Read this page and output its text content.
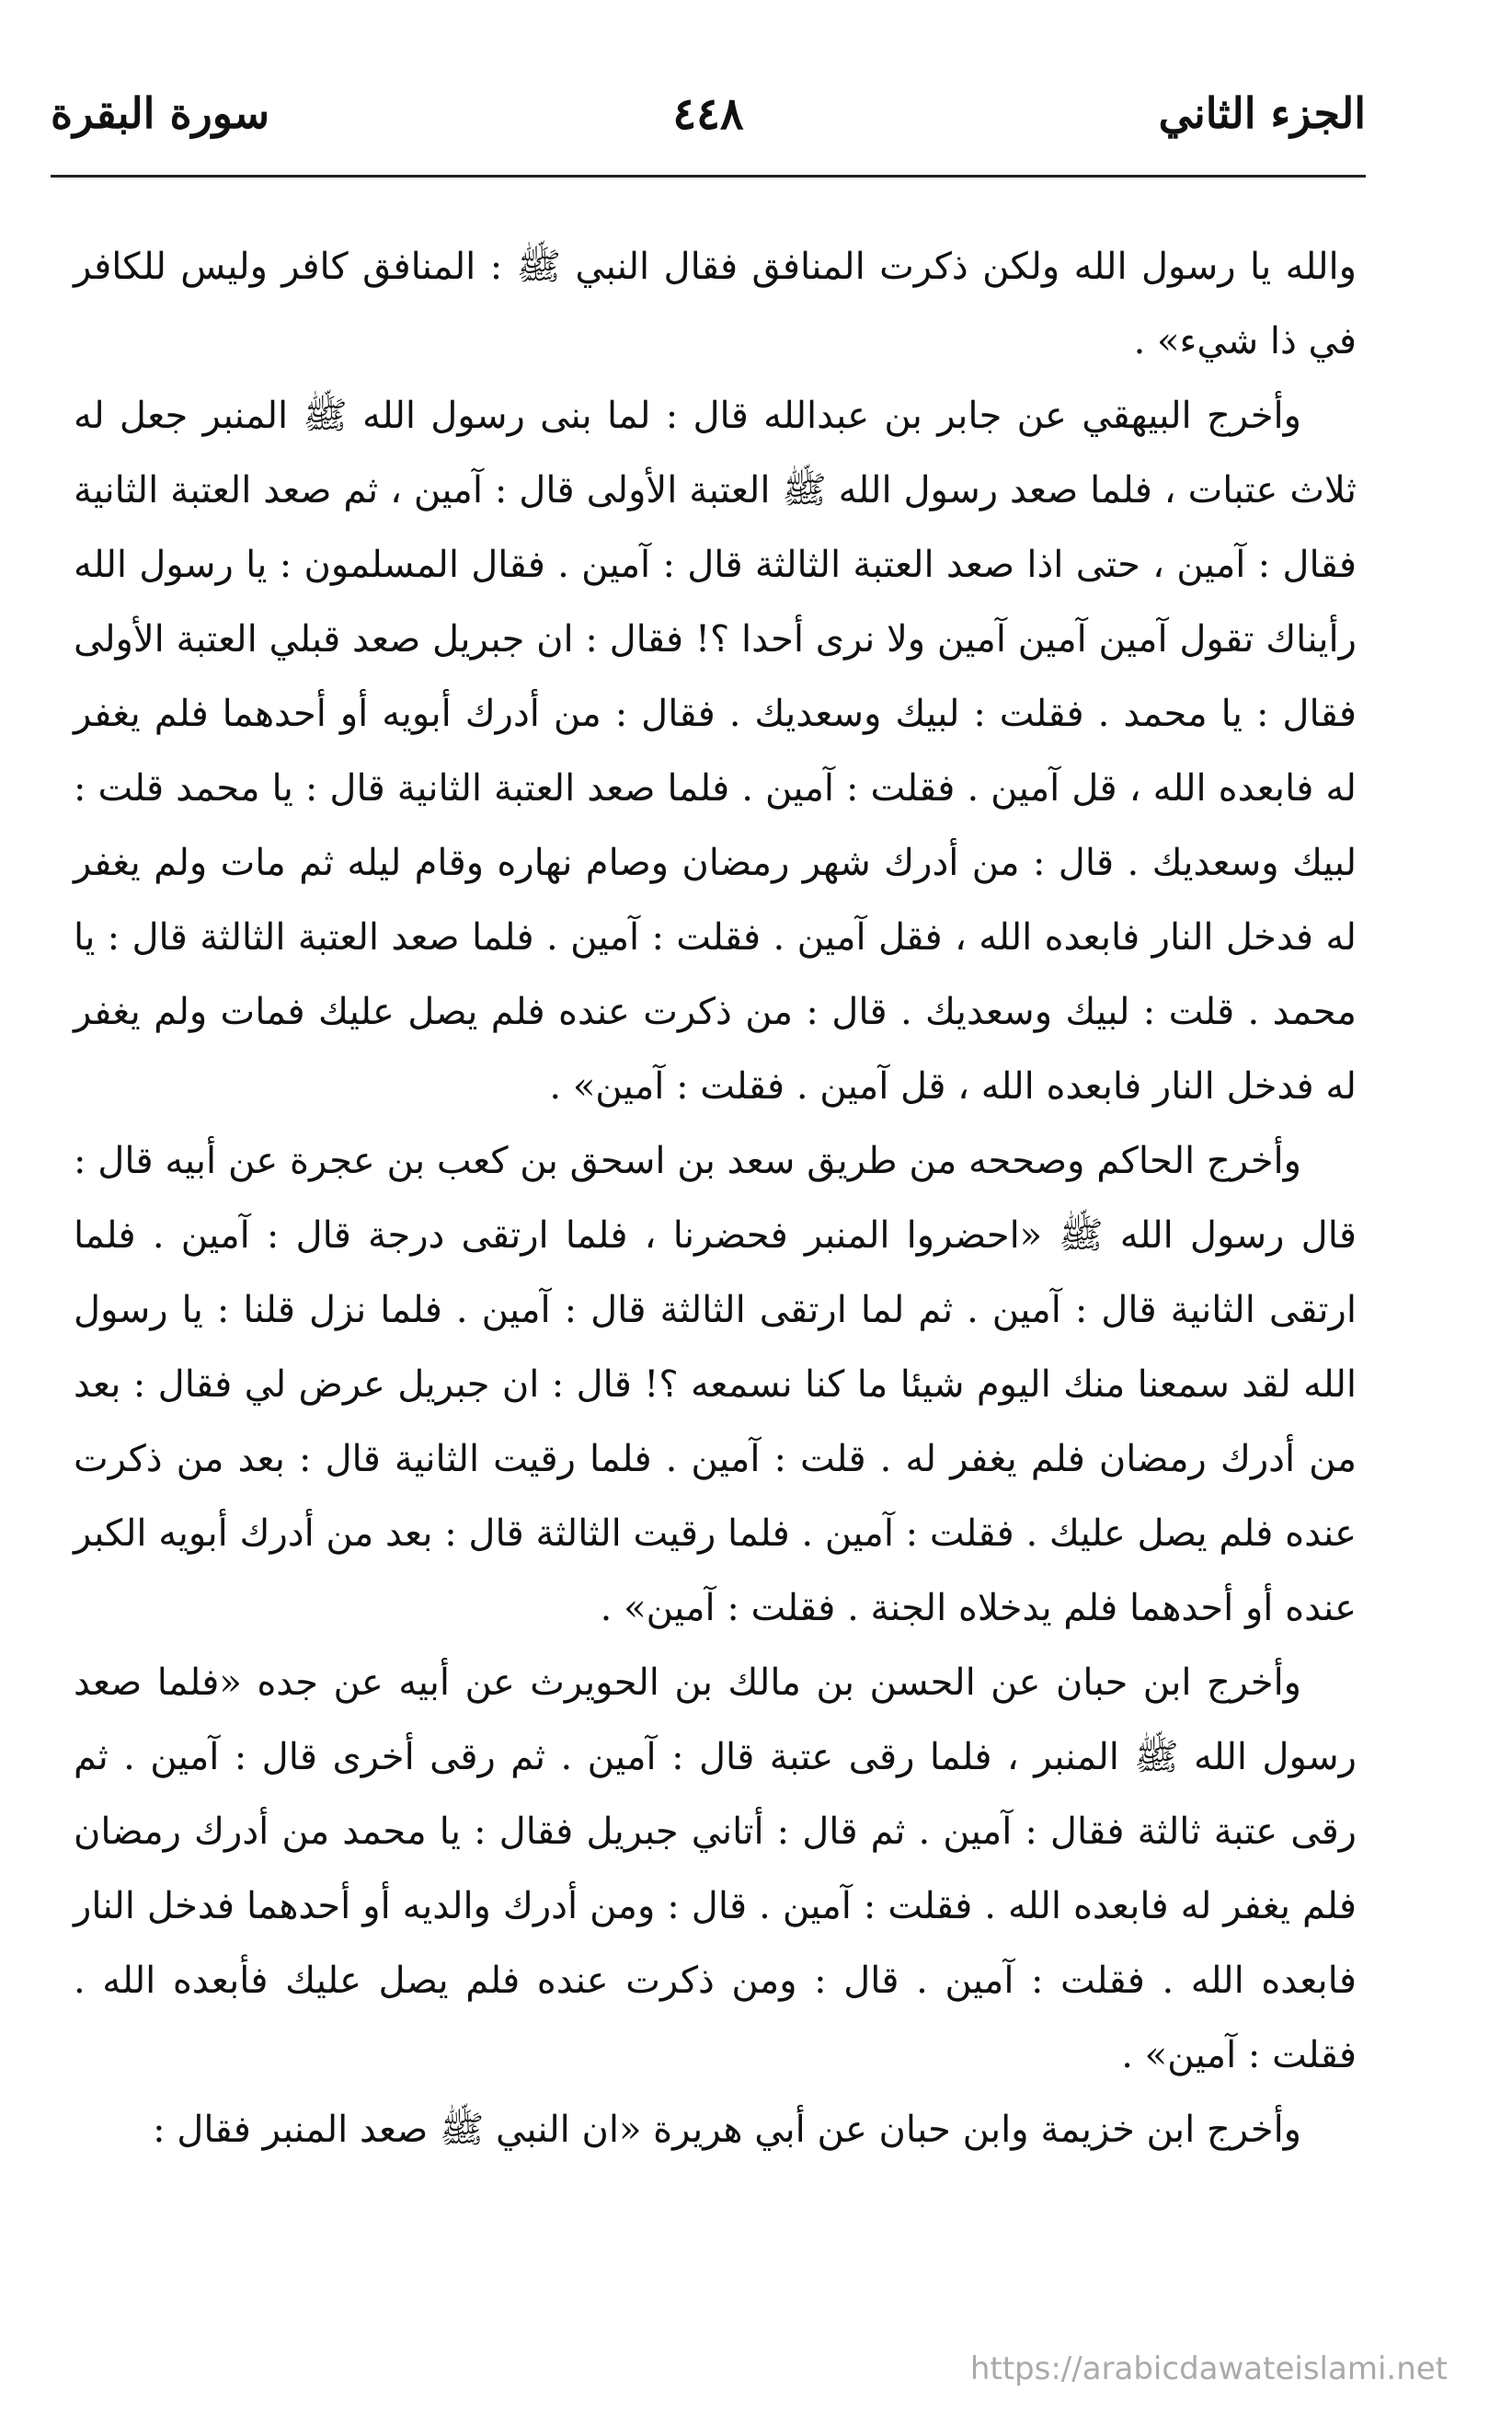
الجزء الثاني
٤٤٨
سورة البقرة

والله يا رسول الله ولكن ذكرت المنافق فقال النبي ﷺ : المنافق كافر وليس للكافر في ذا شيء» .

وأخرج البيهقي عن جابر بن عبدالله قال : لما بنى رسول الله ﷺ المنبر جعل له ثلاث عتبات ، فلما صعد رسول الله ﷺ العتبة الأولى قال : آمين ، ثم صعد العتبة الثانية فقال : آمين ، حتى اذا صعد العتبة الثالثة قال : آمين . فقال المسلمون : يا رسول الله رأيناك تقول آمين آمين آمين ولا نرى أحدا ؟! فقال : ان جبريل صعد قبلي العتبة الأولى فقال : يا محمد . فقلت : لبيك وسعديك . فقال : من أدرك أبويه أو أحدهما فلم يغفر له فابعده الله ، قل آمين . فقلت : آمين . فلما صعد العتبة الثانية قال : يا محمد قلت : لبيك وسعديك . قال : من أدرك شهر رمضان وصام نهاره وقام ليله ثم مات ولم يغفر له فدخل النار فابعده الله ، فقل آمين . فقلت : آمين . فلما صعد العتبة الثالثة قال : يا محمد . قلت : لبيك وسعديك . قال : من ذكرت عنده فلم يصل عليك فمات ولم يغفر له فدخل النار فابعده الله ، قل آمين . فقلت : آمين» .

وأخرج الحاكم وصححه من طريق سعد بن اسحق بن كعب بن عجرة عن أبيه قال : قال رسول الله ﷺ «احضروا المنبر فحضرنا ، فلما ارتقى درجة قال : آمين . فلما ارتقى الثانية قال : آمين . ثم لما ارتقى الثالثة قال : آمين . فلما نزل قلنا : يا رسول الله لقد سمعنا منك اليوم شيئا ما كنا نسمعه ؟! قال : ان جبريل عرض لي فقال : بعد من أدرك رمضان فلم يغفر له . قلت : آمين . فلما رقيت الثانية قال : بعد من ذكرت عنده فلم يصل عليك . فقلت : آمين . فلما رقيت الثالثة قال : بعد من أدرك أبويه الكبر عنده أو أحدهما فلم يدخلاه الجنة . فقلت : آمين» .

وأخرج ابن حبان عن الحسن بن مالك بن الحويرث عن أبيه عن جده «فلما صعد رسول الله ﷺ المنبر ، فلما رقى عتبة قال : آمين . ثم رقى أخرى قال : آمين . ثم رقى عتبة ثالثة فقال : آمين . ثم قال : أتاني جبريل فقال : يا محمد من أدرك رمضان فلم يغفر له فابعده الله . فقلت : آمين . قال : ومن أدرك والديه أو أحدهما فدخل النار فابعده الله . فقلت : آمين . قال : ومن ذكرت عنده فلم يصل عليك فأبعده الله . فقلت : آمين» .

وأخرج ابن خزيمة وابن حبان عن أبي هريرة «ان النبي ﷺ صعد المنبر فقال :

https://arabicdawateislami.net
